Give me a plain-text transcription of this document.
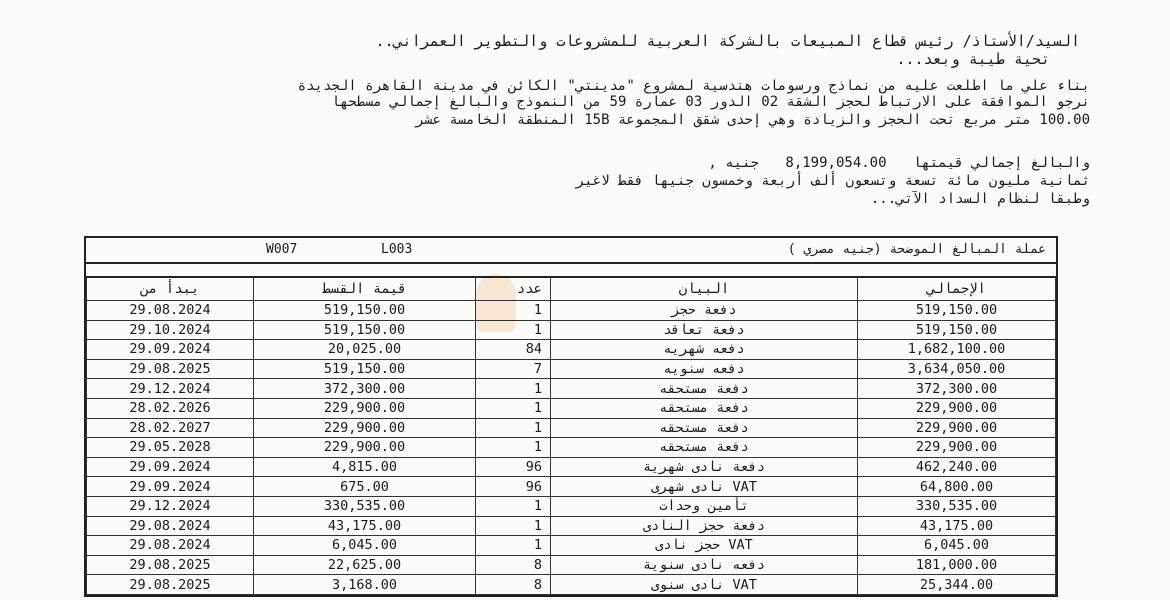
السيد/الأستاذ/ رئيس قطاع المبيعات بالشركة العربية للمشروعات والتطوير العمراني..
تحية طيبة وبعد...
بناء علي ما اطلعت عليه من نماذج ورسومات هندسية لمشروع "مدينتي" الكائن في مدينة القاهرة الجديدة
نرجو الموافقة على الارتباط لحجز الشقة 02 الدور 03 عمارة 59 من النموذج والبالغ إجمالي مسطحها
100.00 متر مربع تحت الحجز والزيادة وهي إحدى شقق المجموعة 15B المنطقة الخامسة عشر
والبالغ إجمالي قيمتها 8,199,054.00 جنيه ,
ثمانية مليون مائة تسعة وتسعون ألف أربعة وخمسون جنيها فقط لاغير
وطبقا لنظام السداد الآتي...
عملة المبالغ الموضحة (جنيه مصري )
W007	L003
يبدأ من	قيمة القسط	عدد	البيان	الإجمالي
29.08.2024	519,150.00	1	دفعة حجز	519,150.00
29.10.2024	519,150.00	1	دفعة تعاقد	519,150.00
29.09.2024	20,025.00	84	دفعه شهريه	1,682,100.00
29.08.2025	519,150.00	7	دفعه سنويه	3,634,050.00
29.12.2024	372,300.00	1	دفعة مستحقه	372,300.00
28.02.2026	229,900.00	1	دفعة مستحقه	229,900.00
28.02.2027	229,900.00	1	دفعة مستحقه	229,900.00
29.05.2028	229,900.00	1	دفعة مستحقه	229,900.00
29.09.2024	4,815.00	96	دفعة نادى شهرية	462,240.00
29.09.2024	675.00	96	VAT نادى شهرى	64,800.00
29.12.2024	330,535.00	1	تأمين وحدات	330,535.00
29.08.2024	43,175.00	1	دفعة حجز النادى	43,175.00
29.08.2024	6,045.00	1	VAT حجز نادى	6,045.00
29.08.2025	22,625.00	8	دفعه نادى سنوية	181,000.00
29.08.2025	3,168.00	8	VAT نادى سنوى	25,344.00
